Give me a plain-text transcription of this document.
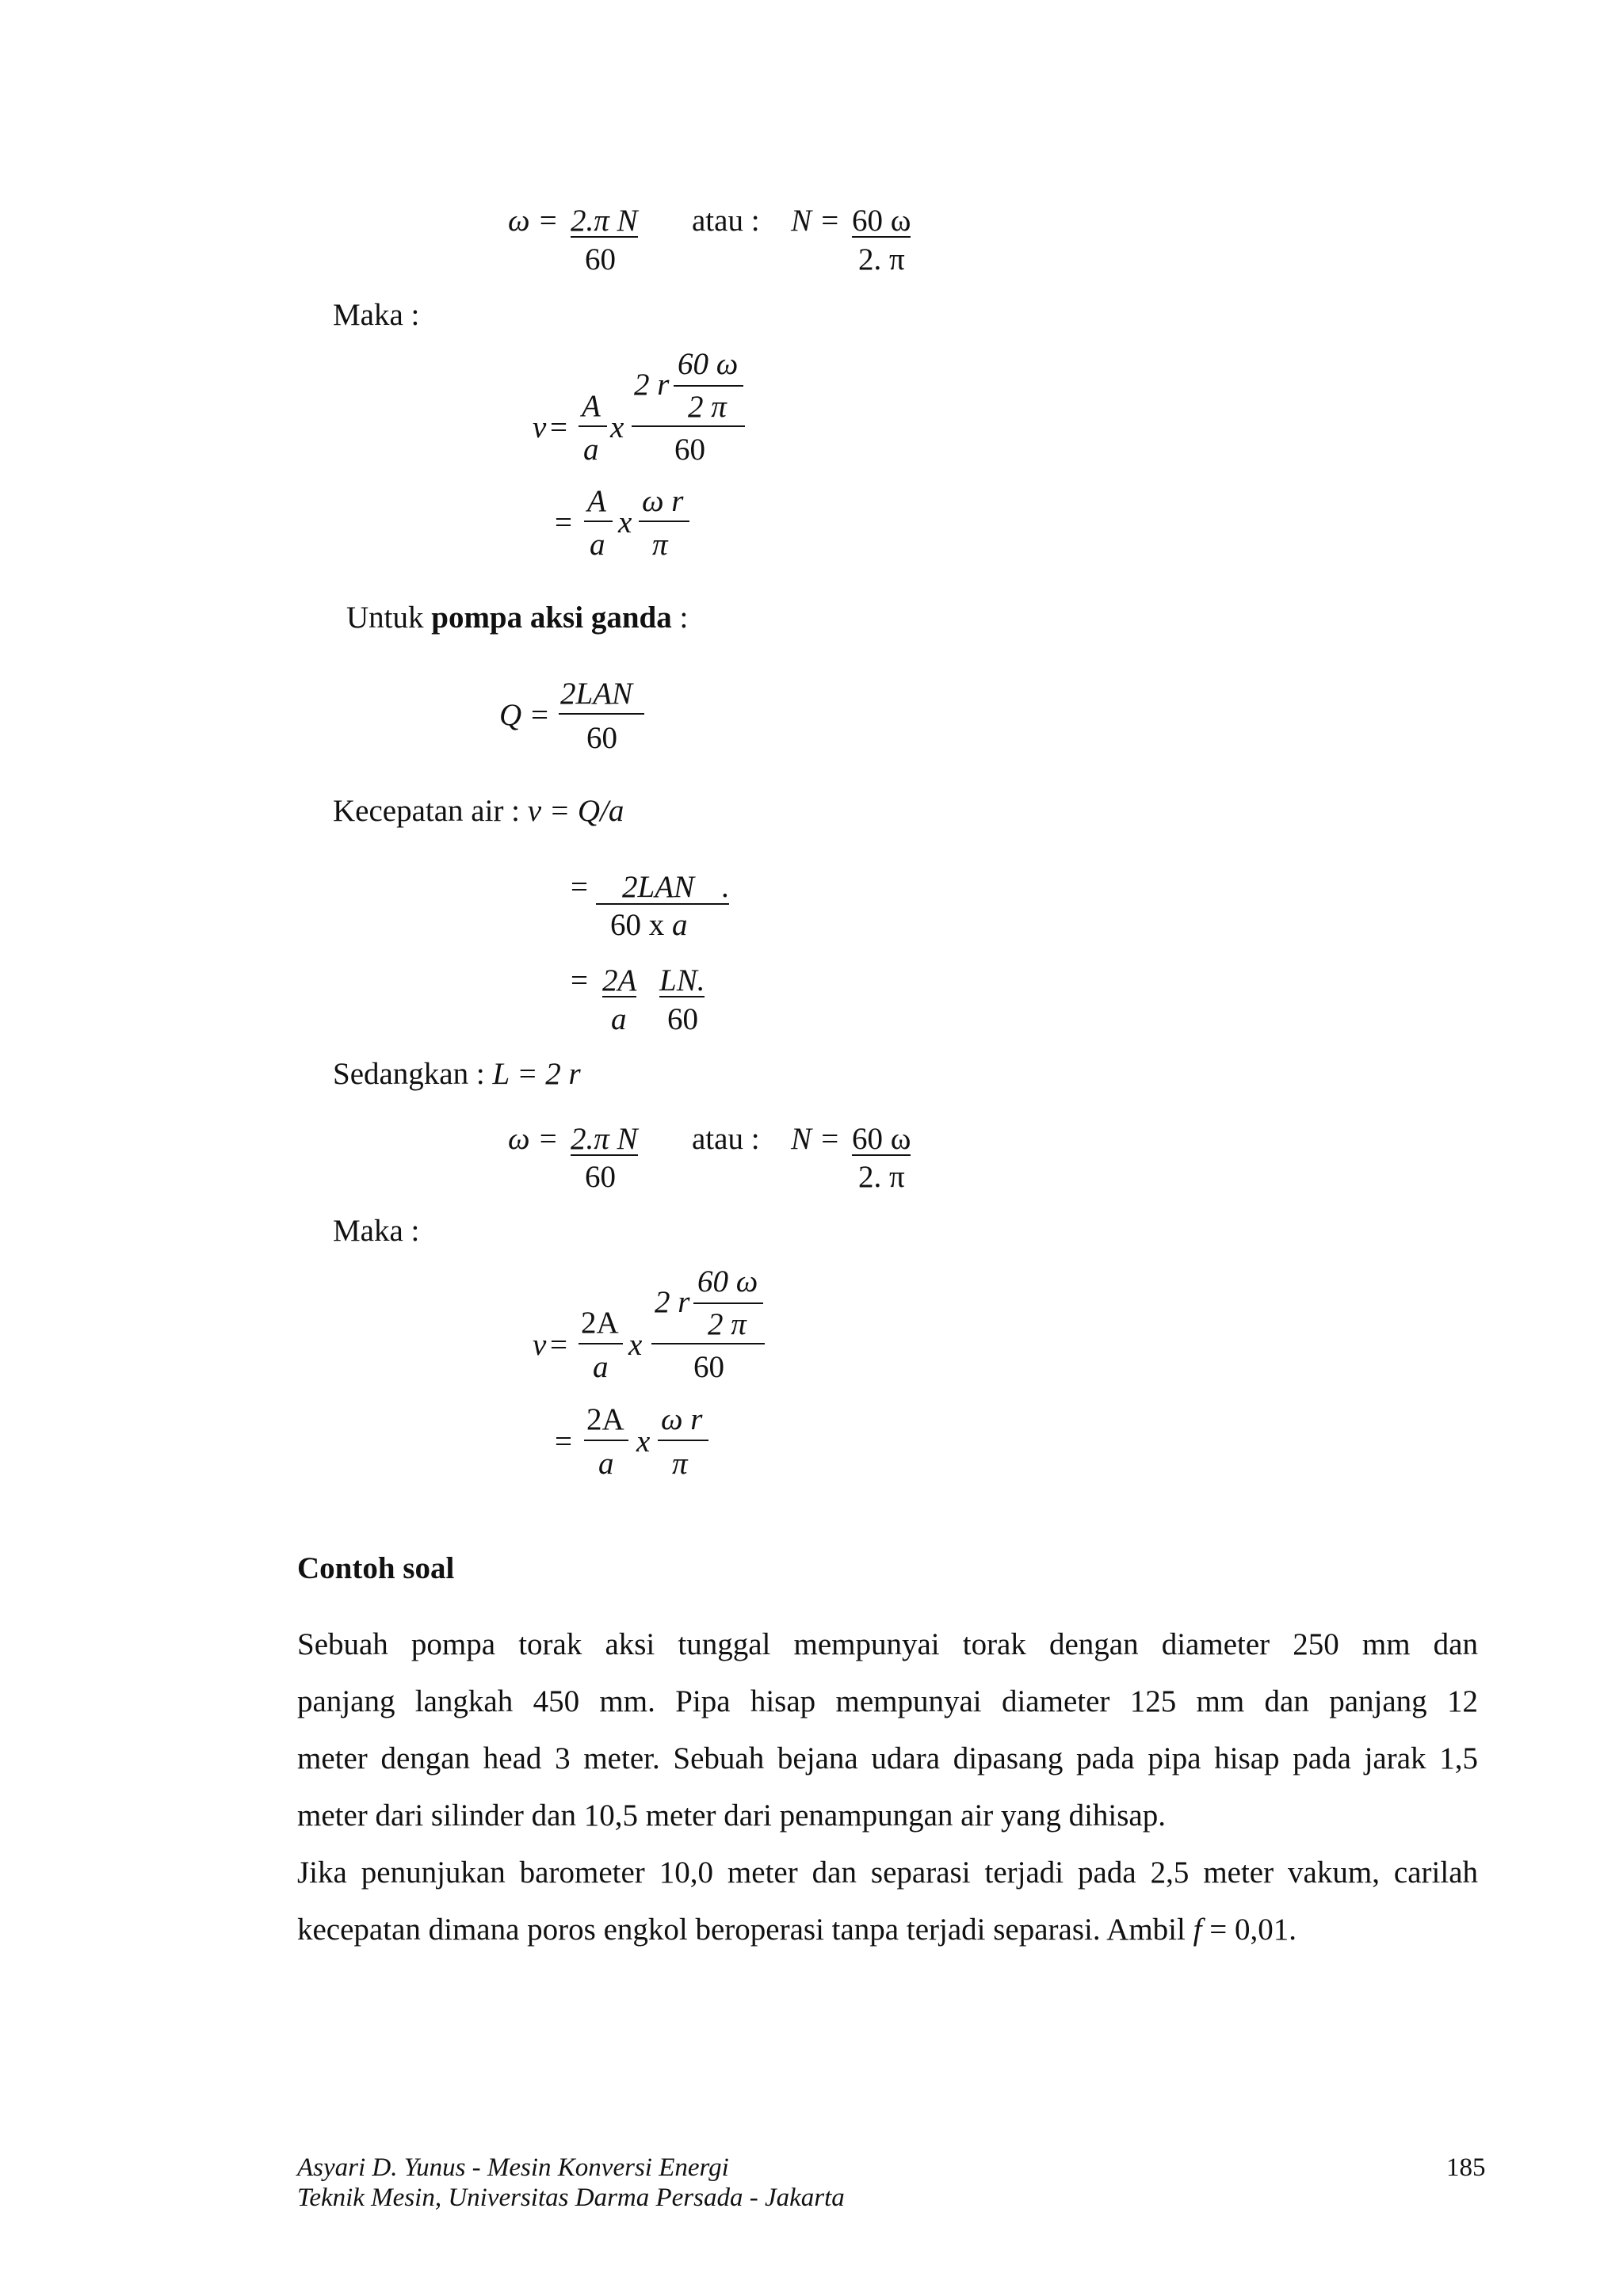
ω = 2.π N
60
atau : N = 60 ω
2. π
Maka :
v =
A
a
x
2 r
60 ω
2 π
60
=
A
a
x
ω r
π
Untuk pompa aksi ganda :
Q =
2LAN
60
Kecepatan air : v = Q/a
= 2LAN .
60 x a
= 2A LN.
a 60
Sedangkan : L = 2 r
ω = 2.π N
60
atau : N = 60 ω
2. π
Maka :
v =
2A
a
x
2 r
60 ω
2 π
60
=
2A
a
x
ω r
π
Contoh soal
Sebuah pompa torak aksi tunggal mempunyai torak dengan diameter 250 mm dan
panjang langkah 450 mm. Pipa hisap mempunyai diameter 125 mm dan panjang 12
meter dengan head 3 meter. Sebuah bejana udara dipasang pada pipa hisap pada jarak 1,5
meter dari silinder dan 10,5 meter dari penampungan air yang dihisap.
Jika penunjukan barometer 10,0 meter dan separasi terjadi pada 2,5 meter vakum, carilah
kecepatan dimana poros engkol beroperasi tanpa terjadi separasi. Ambil f = 0,01.
Asyari D. Yunus - Mesin Konversi Energi
Teknik Mesin, Universitas Darma Persada - Jakarta
185
